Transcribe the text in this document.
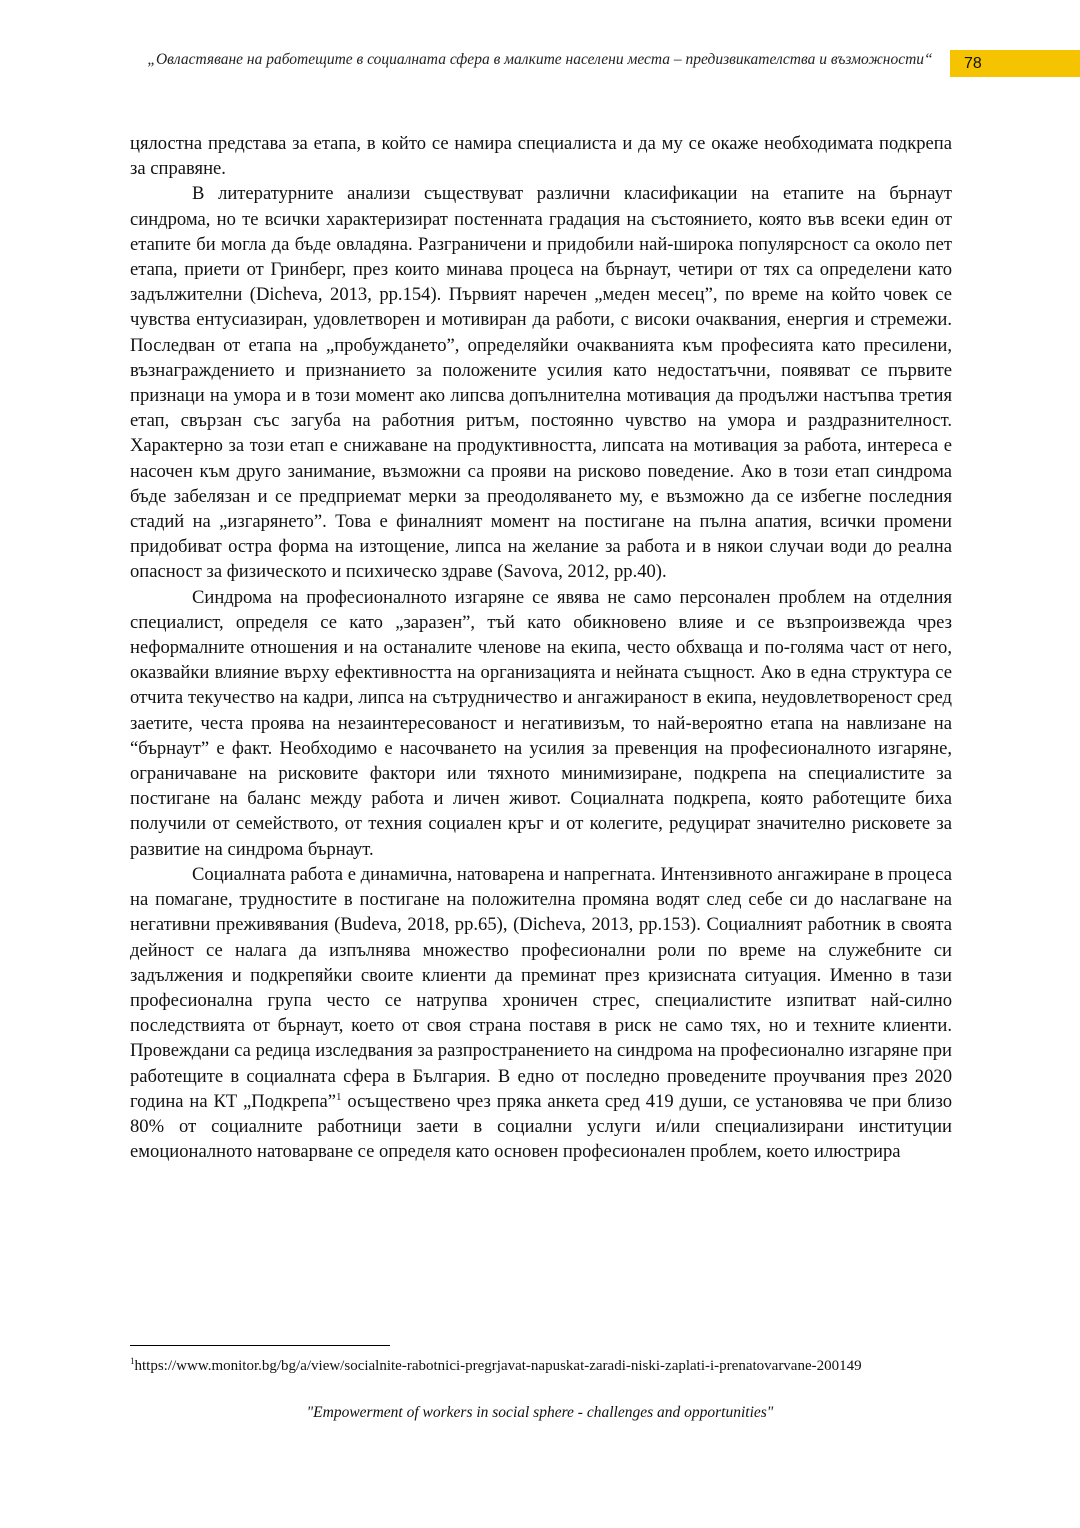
„Овластяване на работещите в социалната сфера в малките населени места – предизвикателства и възможности“	78

цялостна представа за етапа, в който се намира специалиста и да му се окаже необходимата подкрепа за справяне.

В литературните анализи съществуват различни класификации на етапите на бърнаут синдрома, но те всички характеризират постенната градация на състоянието, която във всеки един от етапите би могла да бъде овладяна. Разграничени и придобили най-широка популярсност са около пет етапа, приети от Гринберг, през които минава процеса на бърнаут, четири от тях са определени като задължителни (Dicheva, 2013, pp.154). Първият наречен „меден месец”, по време на който човек се чувства ентусиазиран, удовлетворен и мотивиран да работи, с високи очаквания, енергия и стремежи. Последван от етапа на „пробуждането”, определяйки очакванията към професията като пресилени, възнаграждението и признанието за положените усилия като недостатъчни, появяват се първите признаци на умора и в този момент ако липсва допълнителна мотивация да продължи настъпва третия етап, свързан със загуба на работния ритъм, постоянно чувство на умора и раздразнителност. Характерно за този етап е снижаване на продуктивността, липсата на мотивация за работа, интереса е насочен към друго занимание, възможни са прояви на рисково поведение. Ако в този етап синдрома бъде забелязан и се предприемат мерки за преодоляването му, е възможно да се избегне последния стадий на „изгарянето”. Това е финалният момент на постигане на пълна апатия, всички промени придобиват остра форма на изтощение, липса на желание за работа и в някои случаи води до реална опасност за физическото и психическо здраве (Savova, 2012, pp.40).

Синдрома на професионалното изгаряне се явява не само персонален проблем на отделния специалист, определя се като „заразен”, тъй като обикновено влияе и се възпроизвежда чрез неформалните отношения и на останалите членове на екипа, често обхваща и по-голяма част от него, оказвайки влияние върху ефективността на организацията и нейната същност. Ако в една структура се отчита текучество на кадри, липса на сътрудничество и ангажираност в екипа, неудовлетвореност сред заетите, честа проява на незаинтересованост и негативизъм, то най-вероятно етапа на навлизане на “бърнаут” е факт. Необходимо е насочването на усилия за превенция на професионалното изгаряне, ограничаване на рисковите фактори или тяхното минимизиране, подкрепа на специалистите за постигане на баланс между работа и личен живот. Социалната подкрепа, която работещите биха получили от семейството, от техния социален кръг и от колегите, редуцират значително рисковете за развитие на синдрома бърнаут.

Социалната работа е динамична, натоварена и напрегната. Интензивното ангажиране в процеса на помагане, трудностите в постигане на положителна промяна водят след себе си до наслагване на негативни преживявания (Budeva, 2018, pp.65), (Dicheva, 2013, pp.153). Социалният работник в своята дейност се налага да изпълнява множество професионални роли по време на служебните си задължения и подкрепяйки своите клиенти да преминат през кризисната ситуация. Именно в тази професионална група често се натрупва хроничен стрес, специалистите изпитват най-силно последствията от бърнаут, което от своя страна поставя в риск не само тях, но и техните клиенти. Провеждани са редица изследвания за разпространението на синдрома на професионално изгаряне при работещите в социалната сфера в България. В едно от последно проведените проучвания през 2020 година на КТ „Подкрепа”$^1$ осъществено чрез пряка анкета сред 419 души, се установява че при близо 80% от социалните работници заети в социални услуги и/или специализирани институции емоционалното натоварване се определя като основен професионален проблем, което илюстрира

$^1$https://www.monitor.bg/bg/a/view/socialnite-rabotnici-pregrjavat-napuskat-zaradi-niski-zaplati-i-prenatovarvane-200149
"Empowerment of workers in social sphere - challenges and opportunities"
